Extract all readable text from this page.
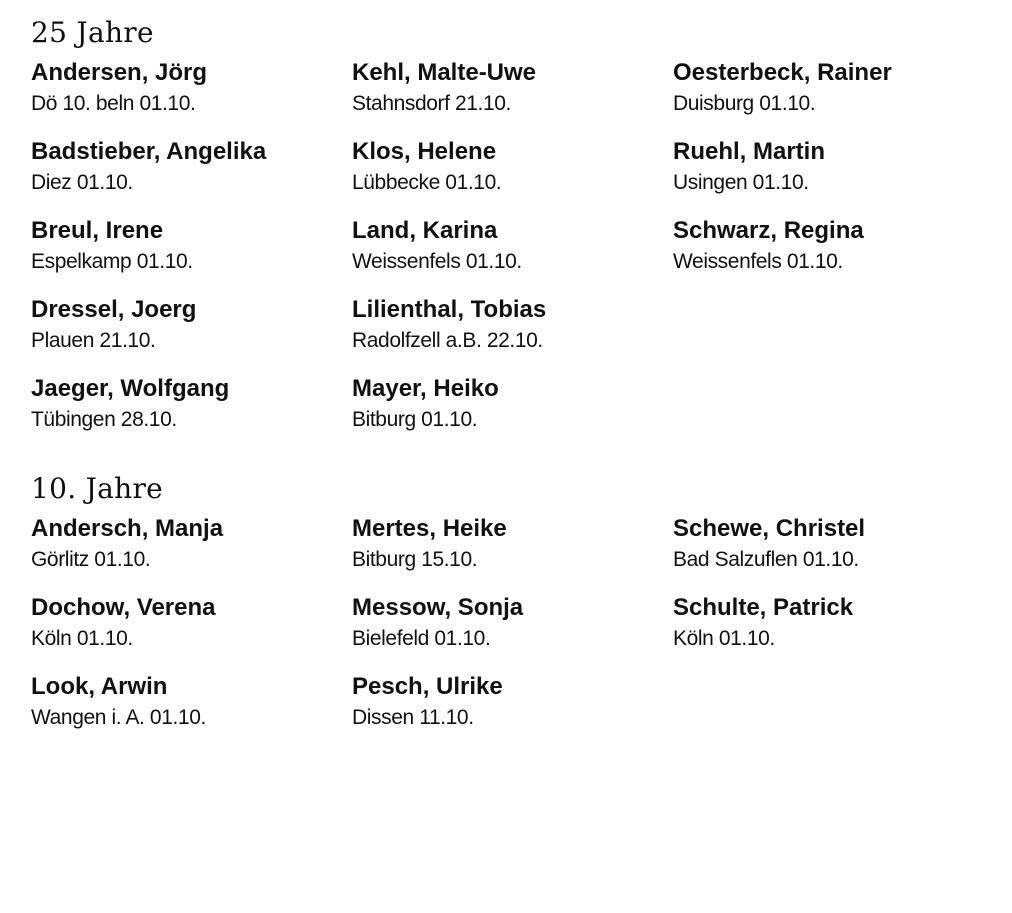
25 Jahre
Andersen, Jörg
Dö 10. beln 01.10.
Badstieber, Angelika
Diez 01.10.
Breul, Irene
Espelkamp 01.10.
Dressel, Joerg
Plauen 21.10.
Jaeger, Wolfgang
Tübingen 28.10.
Kehl, Malte-Uwe
Stahnsdorf 21.10.
Klos, Helene
Lübbecke 01.10.
Land, Karina
Weissenfels 01.10.
Lilienthal, Tobias
Radolfzell a.B. 22.10.
Mayer, Heiko
Bitburg 01.10.
Oesterbeck, Rainer
Duisburg 01.10.
Ruehl, Martin
Usingen 01.10.
Schwarz, Regina
Weissenfels 01.10.
10. Jahre
Andersch, Manja
Görlitz 01.10.
Dochow, Verena
Köln 01.10.
Look, Arwin
Wangen i. A. 01.10.
Mertes, Heike
Bitburg 15.10.
Messow, Sonja
Bielefeld 01.10.
Pesch, Ulrike
Dissen 11.10.
Schewe, Christel
Bad Salzuflen 01.10.
Schulte, Patrick
Köln 01.10.
